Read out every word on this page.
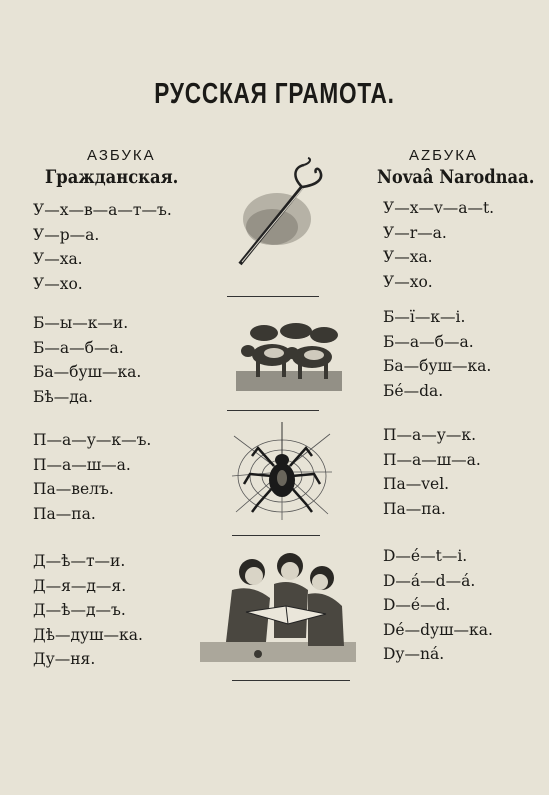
РУССКАЯ ГРАМОТА.
АЗБУКА
Гражданская.
У—х—в—а—т—ъ.
У—р—а.
У—ха.
У—хо.
Б—ы—к—и.
Б—а—б—а.
Ба—буш—ка.
Бѣ—да.
П—а—у—к—ъ.
П—а—ш—а.
Па—велъ.
Па—па.
Д—ѣ—т—и.
Д—я—д—я.
Д—ѣ—д—ъ.
Дѣ—душ—ка.
Ду—ня.
AZБУКА
Novaâ Narodnaa.
У—х—v—а—t.
У—r—а.
У—ха.
У—хо.
Б—ï—к—i.
Б—а—б—а.
Ба—буш—ка.
Бé—da.
П—а—у—к.
П—а—ш—а.
Па—vel.
Па—па.
D—é—t—i.
D—á—d—á.
D—é—d.
Dé—dуш—ка.
Dу—ná.
